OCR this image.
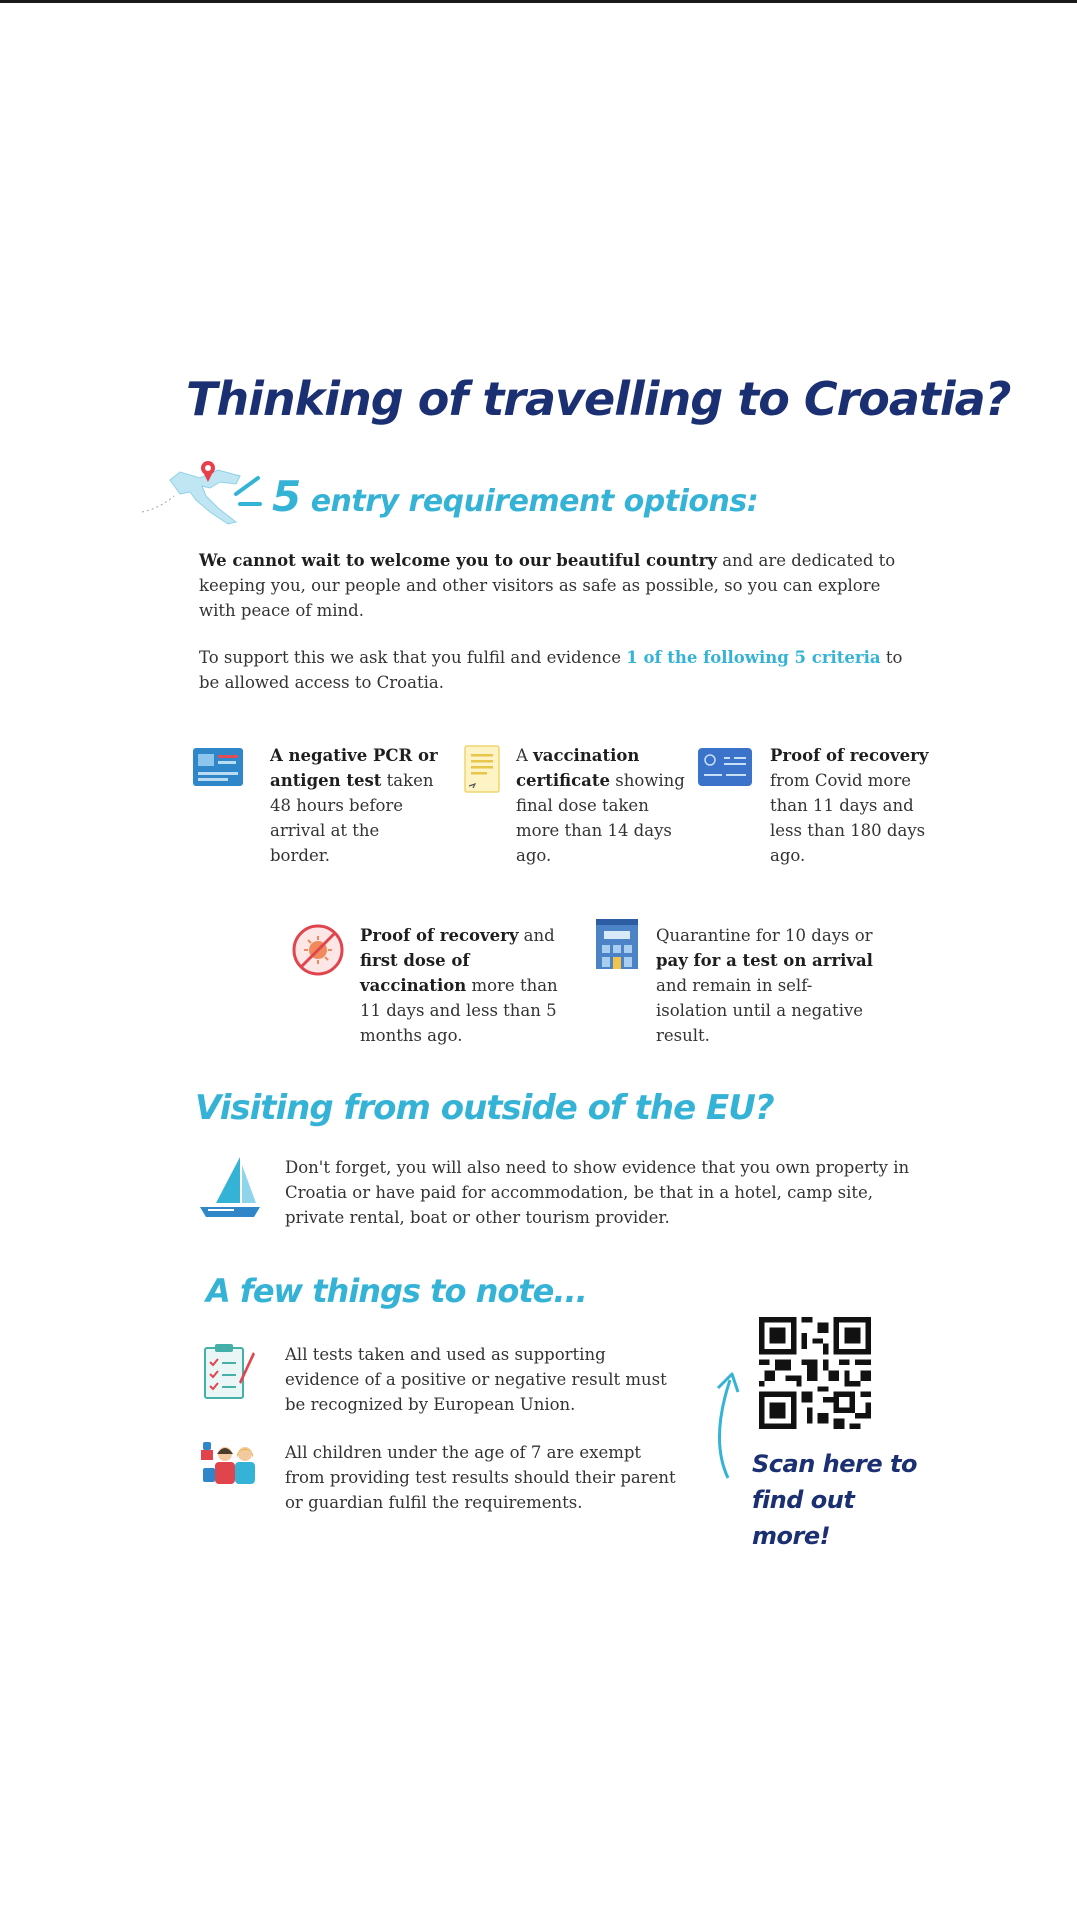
Thinking of travelling to Croatia?
5 entry requirement options:
We cannot wait to welcome you to our beautiful country and are dedicated to keeping you, our people and other visitors as safe as possible, so you can explore with peace of mind.
To support this we ask that you fulfil and evidence 1 of the following 5 criteria to be allowed access to Croatia.
A negative PCR or antigen test taken 48 hours before arrival at the border.
A vaccination certificate showing final dose taken more than 14 days ago.
Proof of recovery from Covid more than 11 days and less than 180 days ago.
Proof of recovery and first dose of vaccination more than 11 days and less than 5 months ago.
Quarantine for 10 days or pay for a test on arrival and remain in self-isolation until a negative result.
Visiting from outside of the EU?
Don't forget, you will also need to show evidence that you own property in Croatia or have paid for accommodation, be that in a hotel, camp site, private rental, boat or other tourism provider.
A few things to note...
All tests taken and used as supporting evidence of a positive or negative result must be recognized by European Union.
All children under the age of 7 are exempt from providing test results should their parent or guardian fulfil the requirements.
Scan here to find out more!
